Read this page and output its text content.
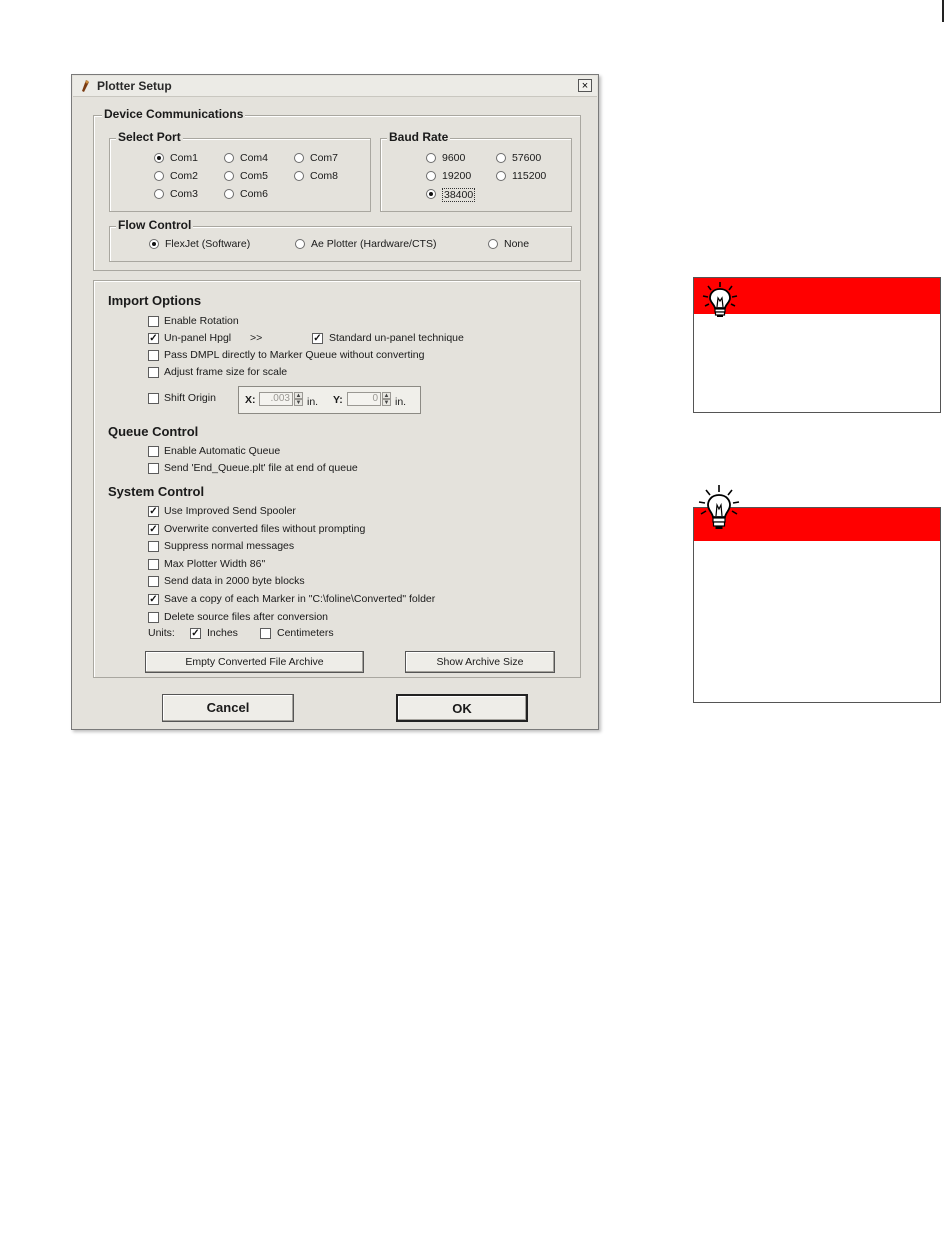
Plotter Setup	×
Device Communications
Select Port
Com1	Com4	Com7
Com2	Com5	Com8
Com3	Com6
Baud Rate
9600	57600
19200	115200
38400
Flow Control
FlexJet (Software)	Ae Plotter (Hardware/CTS)	None
Import Options
Enable Rotation
✓ Un-panel Hpgl >>	✓ Standard un-panel technique
Pass DMPL directly to Marker Queue without converting
Adjust frame size for scale
Shift Origin	X:	.003 ▲
▼ in. Y:	0 ▲
▼ in.
Queue Control
Enable Automatic Queue
Send 'End_Queue.plt' file at end of queue
System Control
Units: ✓ Inches	Centimeters
Empty Converted File Archive	Show Archive Size
✓ Use Improved Send Spooler
✓ Overwrite converted files without prompting
Suppress normal messages
Max Plotter Width 86"
Send data in 2000 byte blocks
✓ Save a copy of each Marker in "C:\foline\Converted" folder
Delete source files after conversion
Cancel	OK
